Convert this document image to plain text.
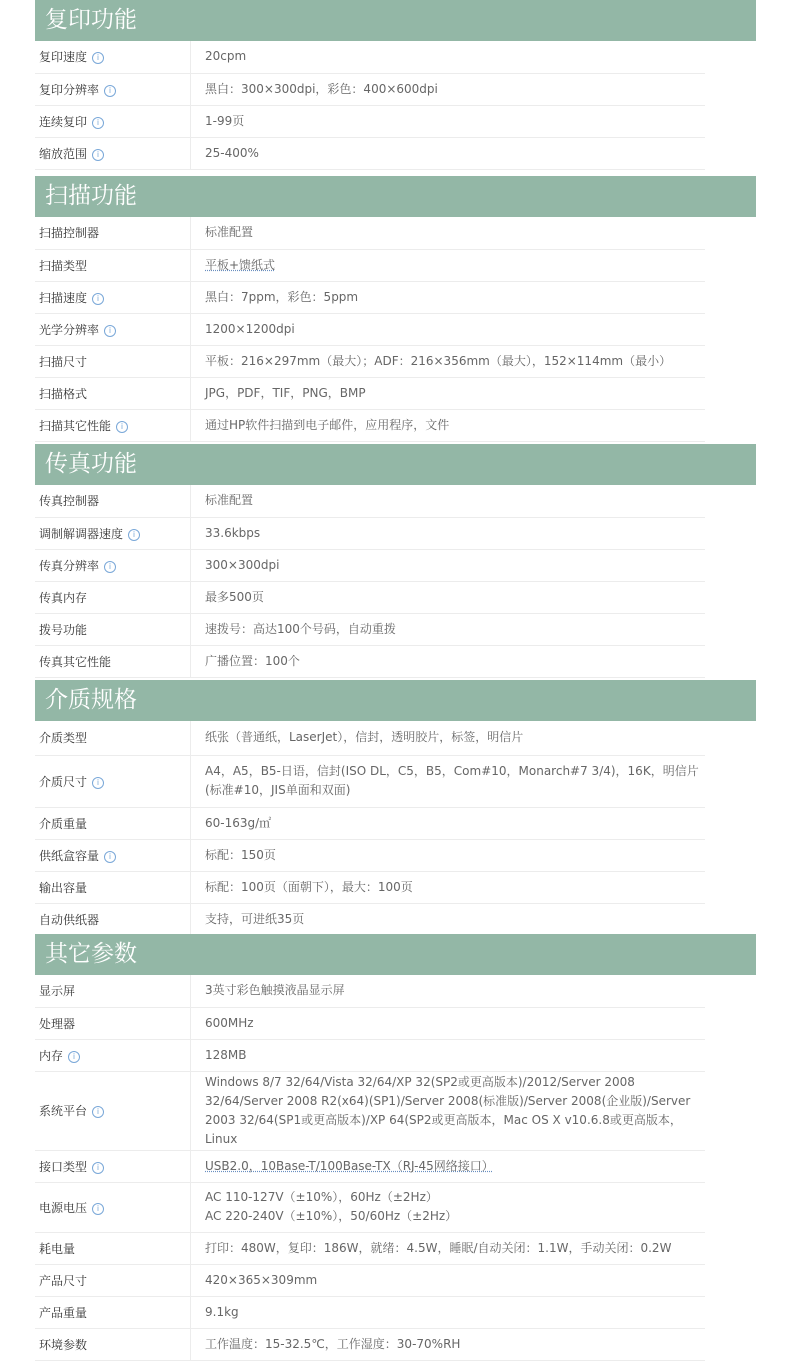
复印功能
复印速度 i	20cpm
复印分辨率 i	黑白：300×300dpi，彩色：400×600dpi
连续复印 i	1-99页
缩放范围 i	25-400%
扫描功能
扫描控制器	标准配置
扫描类型	平板+馈纸式
扫描速度 i	黑白：7ppm，彩色：5ppm
光学分辨率 i	1200×1200dpi
扫描尺寸	平板：216×297mm（最大）；ADF：216×356mm（最大），152×114mm（最小）
扫描格式	JPG，PDF，TIF，PNG，BMP
扫描其它性能 i	通过HP软件扫描到电子邮件，应用程序，文件
传真功能
传真控制器	标准配置
调制解调器速度 i	33.6kbps
传真分辨率 i	300×300dpi
传真内存	最多500页
拨号功能	速拨号：高达100个号码，自动重拨
传真其它性能	广播位置：100个
介质规格
介质类型	纸张（普通纸，LaserJet），信封，透明胶片，标签，明信片
介质尺寸 i	A4，A5，B5-日语，信封(ISO DL，C5，B5，Com#10，Monarch#7 3/4)，16K，明信片(标准#10，JIS单面和双面)
介质重量	60-163g/㎡
供纸盒容量 i	标配：150页
输出容量	标配：100页（面朝下），最大：100页
自动供纸器	支持，可进纸35页
其它参数
显示屏	3英寸彩色触摸液晶显示屏
处理器	600MHz
内存 i	128MB
系统平台 i	Windows 8/7 32/64/Vista 32/64/XP 32(SP2或更高版本)/2012/Server 2008 32/64/Server 2008 R2(x64)(SP1)/Server 2008(标准版)/Server 2008(企业版)/Server 2003 32/64(SP1或更高版本)/XP 64(SP2或更高版本，Mac OS X v10.6.8或更高版本，Linux
接口类型 i	USB2.0，10Base-T/100Base-TX（RJ-45网络接口）
电源电压 i	AC 110-127V（±10%），60Hz（±2Hz）
AC 220-240V（±10%），50/60Hz（±2Hz）
耗电量	打印：480W，复印：186W，就绪：4.5W，睡眠/自动关闭：1.1W，手动关闭：0.2W
产品尺寸	420×365×309mm
产品重量	9.1kg
环境参数	工作温度：15-32.5℃，工作湿度：30-70%RH
